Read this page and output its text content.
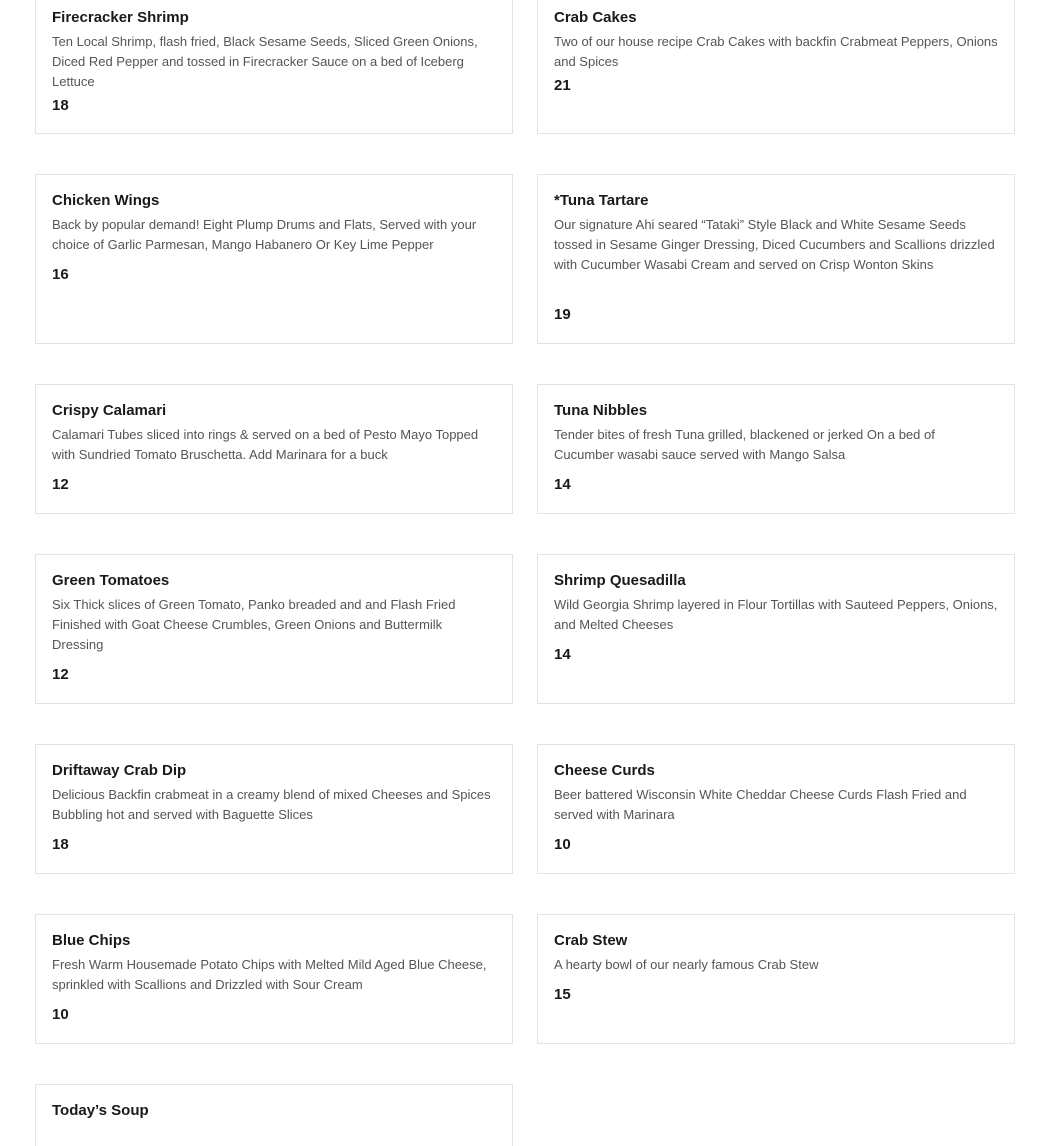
Firecracker Shrimp
Ten Local Shrimp, flash fried, Black Sesame Seeds, Sliced Green Onions, Diced Red Pepper and tossed in Firecracker Sauce on a bed of Iceberg Lettuce
18
Crab Cakes
Two of our house recipe Crab Cakes with backfin Crabmeat Peppers, Onions and Spices
21
Chicken Wings
Back by popular demand! Eight Plump Drums and Flats, Served with your choice of Garlic Parmesan, Mango Habanero Or Key Lime Pepper
16
*Tuna Tartare
Our signature Ahi seared “Tataki” Style Black and White Sesame Seeds tossed in Sesame Ginger Dressing, Diced Cucumbers and Scallions drizzled with Cucumber Wasabi Cream and served on Crisp Wonton Skins
19
Crispy Calamari
Calamari Tubes sliced into rings & served on a bed of Pesto Mayo Topped with Sundried Tomato Bruschetta. Add Marinara for a buck
12
Tuna Nibbles
Tender bites of fresh Tuna grilled, blackened or jerked On a bed of Cucumber wasabi sauce served with Mango Salsa
14
Green Tomatoes
Six Thick slices of Green Tomato, Panko breaded and and Flash Fried Finished with Goat Cheese Crumbles, Green Onions and Buttermilk Dressing
12
Shrimp Quesadilla
Wild Georgia Shrimp layered in Flour Tortillas with Sauteed Peppers, Onions, and Melted Cheeses
14
Driftaway Crab Dip
Delicious Backfin crabmeat in a creamy blend of mixed Cheeses and Spices Bubbling hot and served with Baguette Slices
18
Cheese Curds
Beer battered Wisconsin White Cheddar Cheese Curds Flash Fried and served with Marinara
10
Blue Chips
Fresh Warm Housemade Potato Chips with Melted Mild Aged Blue Cheese, sprinkled with Scallions and Drizzled with Sour Cream
10
Crab Stew
A hearty bowl of our nearly famous Crab Stew
15
Today’s Soup
